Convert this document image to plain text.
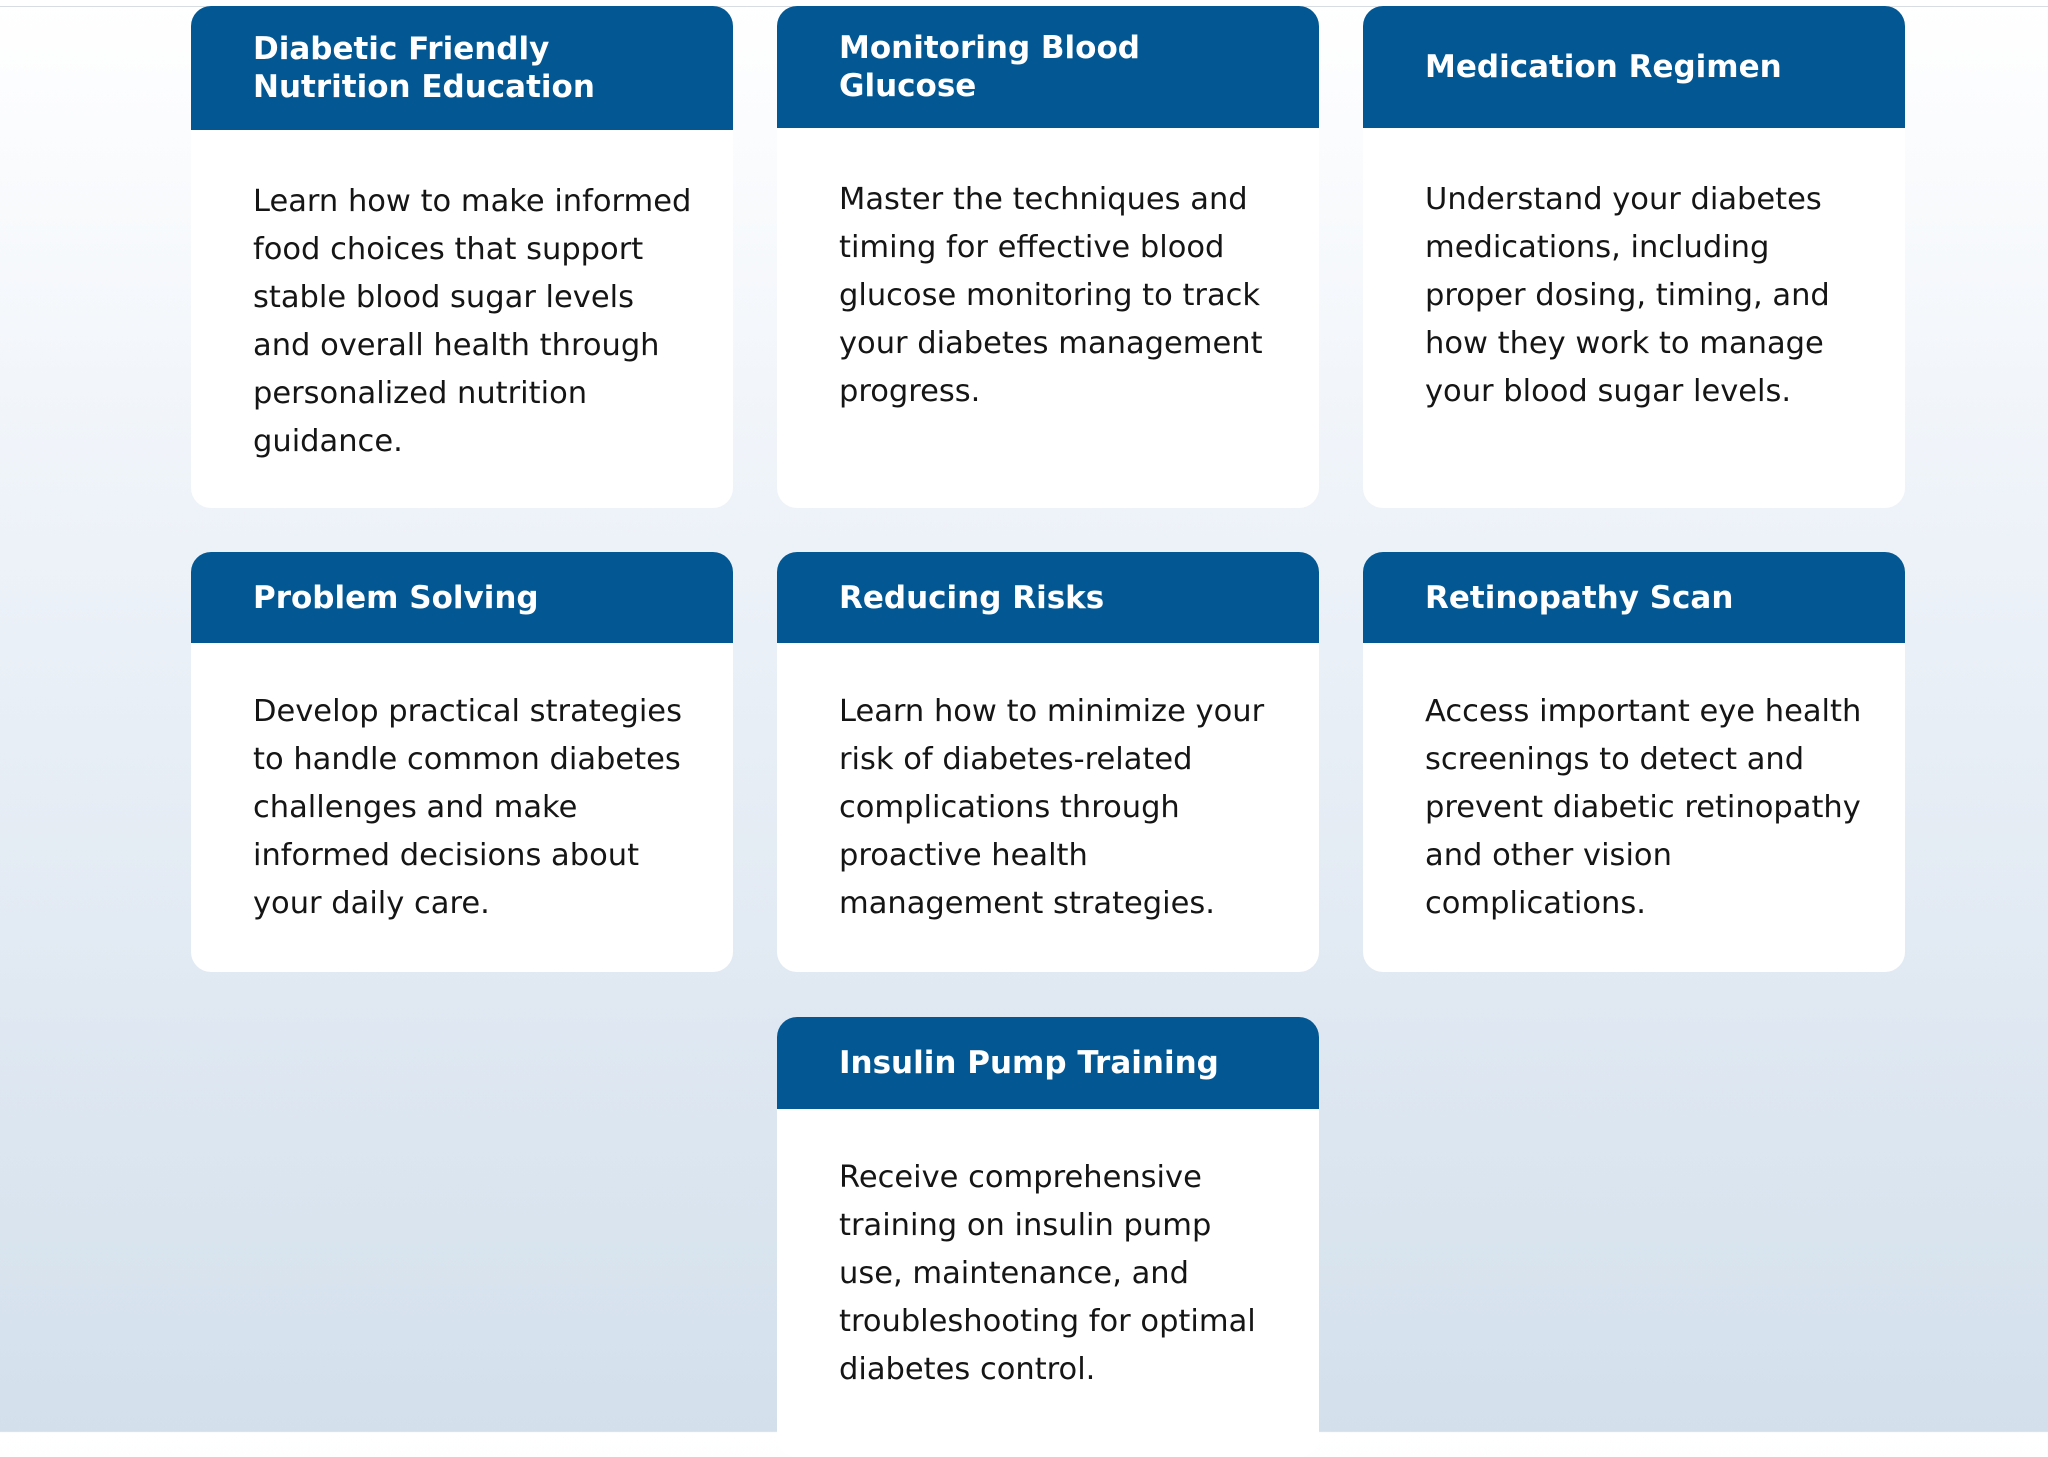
Diabetic Friendly Nutrition Education
Learn how to make informed food choices that support stable blood sugar levels and overall health through personalized nutrition guidance.
Monitoring Blood Glucose
Master the techniques and timing for effective blood glucose monitoring to track your diabetes management progress.
Medication Regimen
Understand your diabetes medications, including proper dosing, timing, and how they work to manage your blood sugar levels.
Problem Solving
Develop practical strategies to handle common diabetes challenges and make informed decisions about your daily care.
Reducing Risks
Learn how to minimize your risk of diabetes-related complications through proactive health management strategies.
Retinopathy Scan
Access important eye health screenings to detect and prevent diabetic retinopathy and other vision complications.
Insulin Pump Training
Receive comprehensive training on insulin pump use, maintenance, and troubleshooting for optimal diabetes control.
